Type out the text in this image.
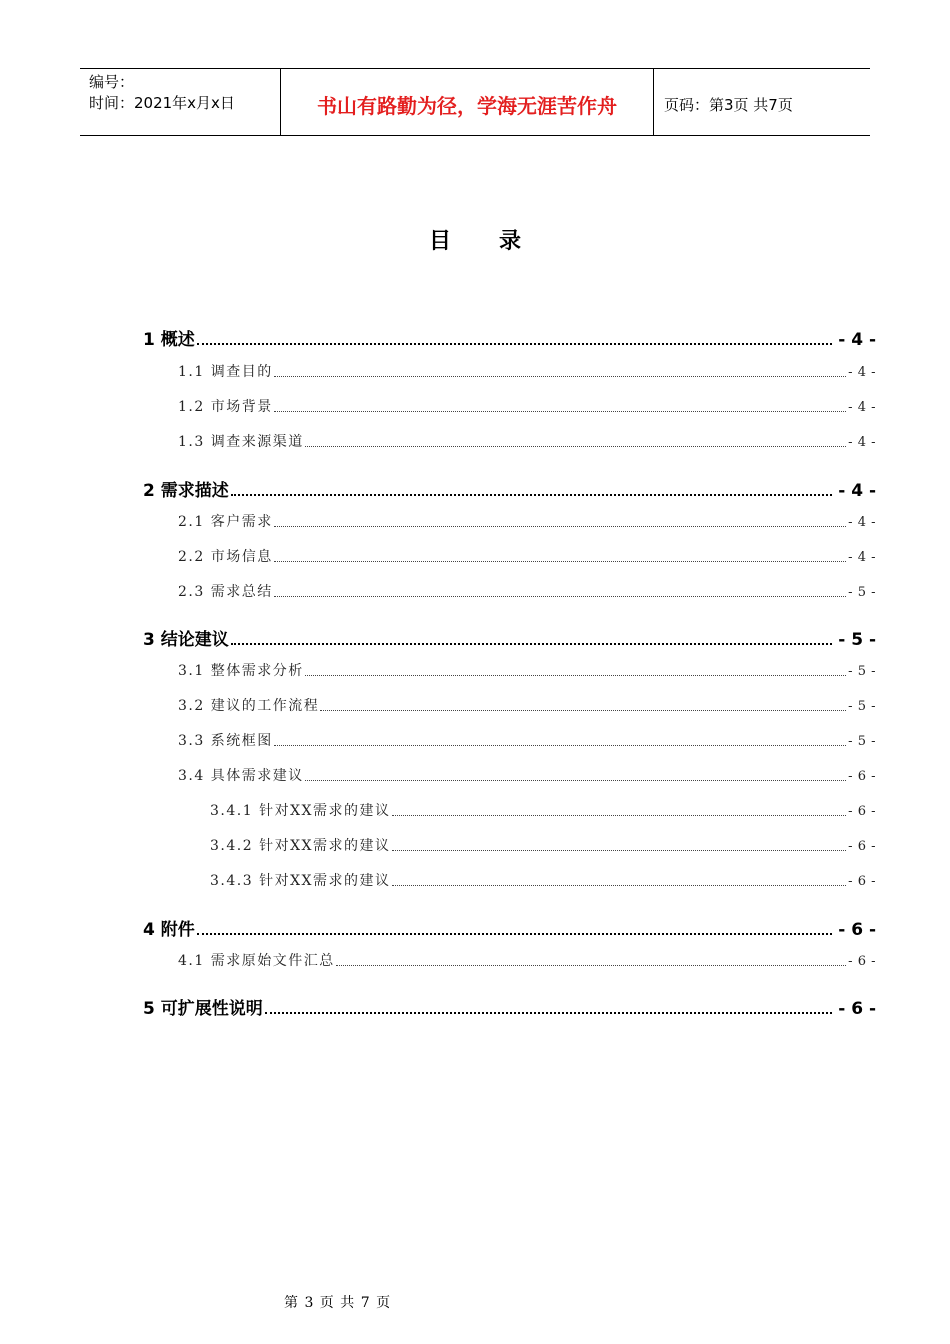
编号：
时间：2021年x月x日	书山有路勤为径，学海无涯苦作舟	页码：第3页 共7页
目录
1 概述	- 4 -
1.1 调查目的	- 4 -
1.2 市场背景	- 4 -
1.3 调查来源渠道	- 4 -
2 需求描述	- 4 -
2.1 客户需求	- 4 -
2.2 市场信息	- 4 -
2.3 需求总结	- 5 -
3 结论建议	- 5 -
3.1 整体需求分析	- 5 -
3.2 建议的工作流程	- 5 -
3.3 系统框图	- 5 -
3.4 具体需求建议	- 6 -
3.4.1 针对XX需求的建议	- 6 -
3.4.2 针对XX需求的建议	- 6 -
3.4.3 针对XX需求的建议	- 6 -
4 附件	- 6 -
4.1 需求原始文件汇总	- 6 -
5 可扩展性说明	- 6 -
第 3 页 共 7 页
